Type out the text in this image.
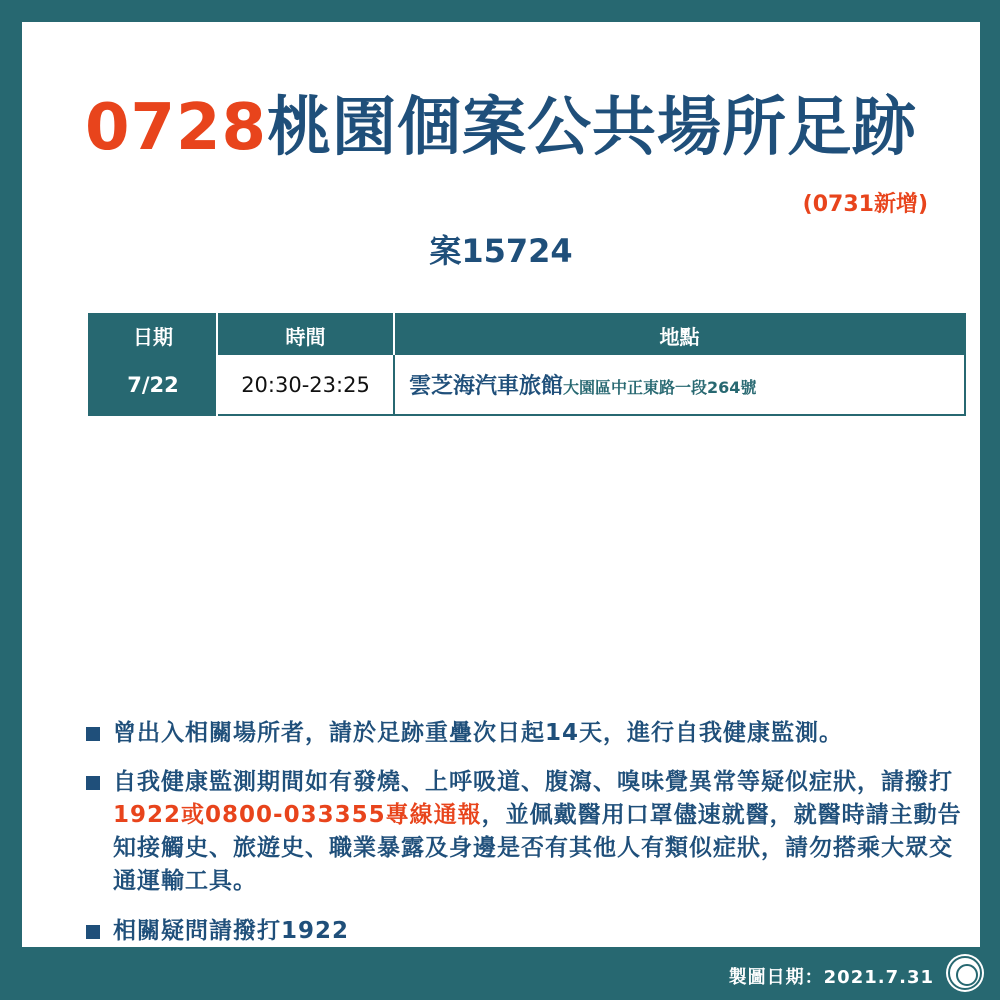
0728桃園個案公共場所足跡
(0731新增)
案15724
日期	時間	地點
7/22	20:30-23:25	雲芝海汽車旅館大園區中正東路一段264號
曾出入相關場所者，請於足跡重疊次日起14天，進行自我健康監測。
自我健康監測期間如有發燒、上呼吸道、腹瀉、嗅味覺異常等疑似症狀，請撥打1922或0800-033355專線通報，並佩戴醫用口罩儘速就醫，就醫時請主動告知接觸史、旅遊史、職業暴露及身邊是否有其他人有類似症狀，請勿搭乘大眾交通運輸工具。
相關疑問請撥打1922
製圖日期：2021.7.31
